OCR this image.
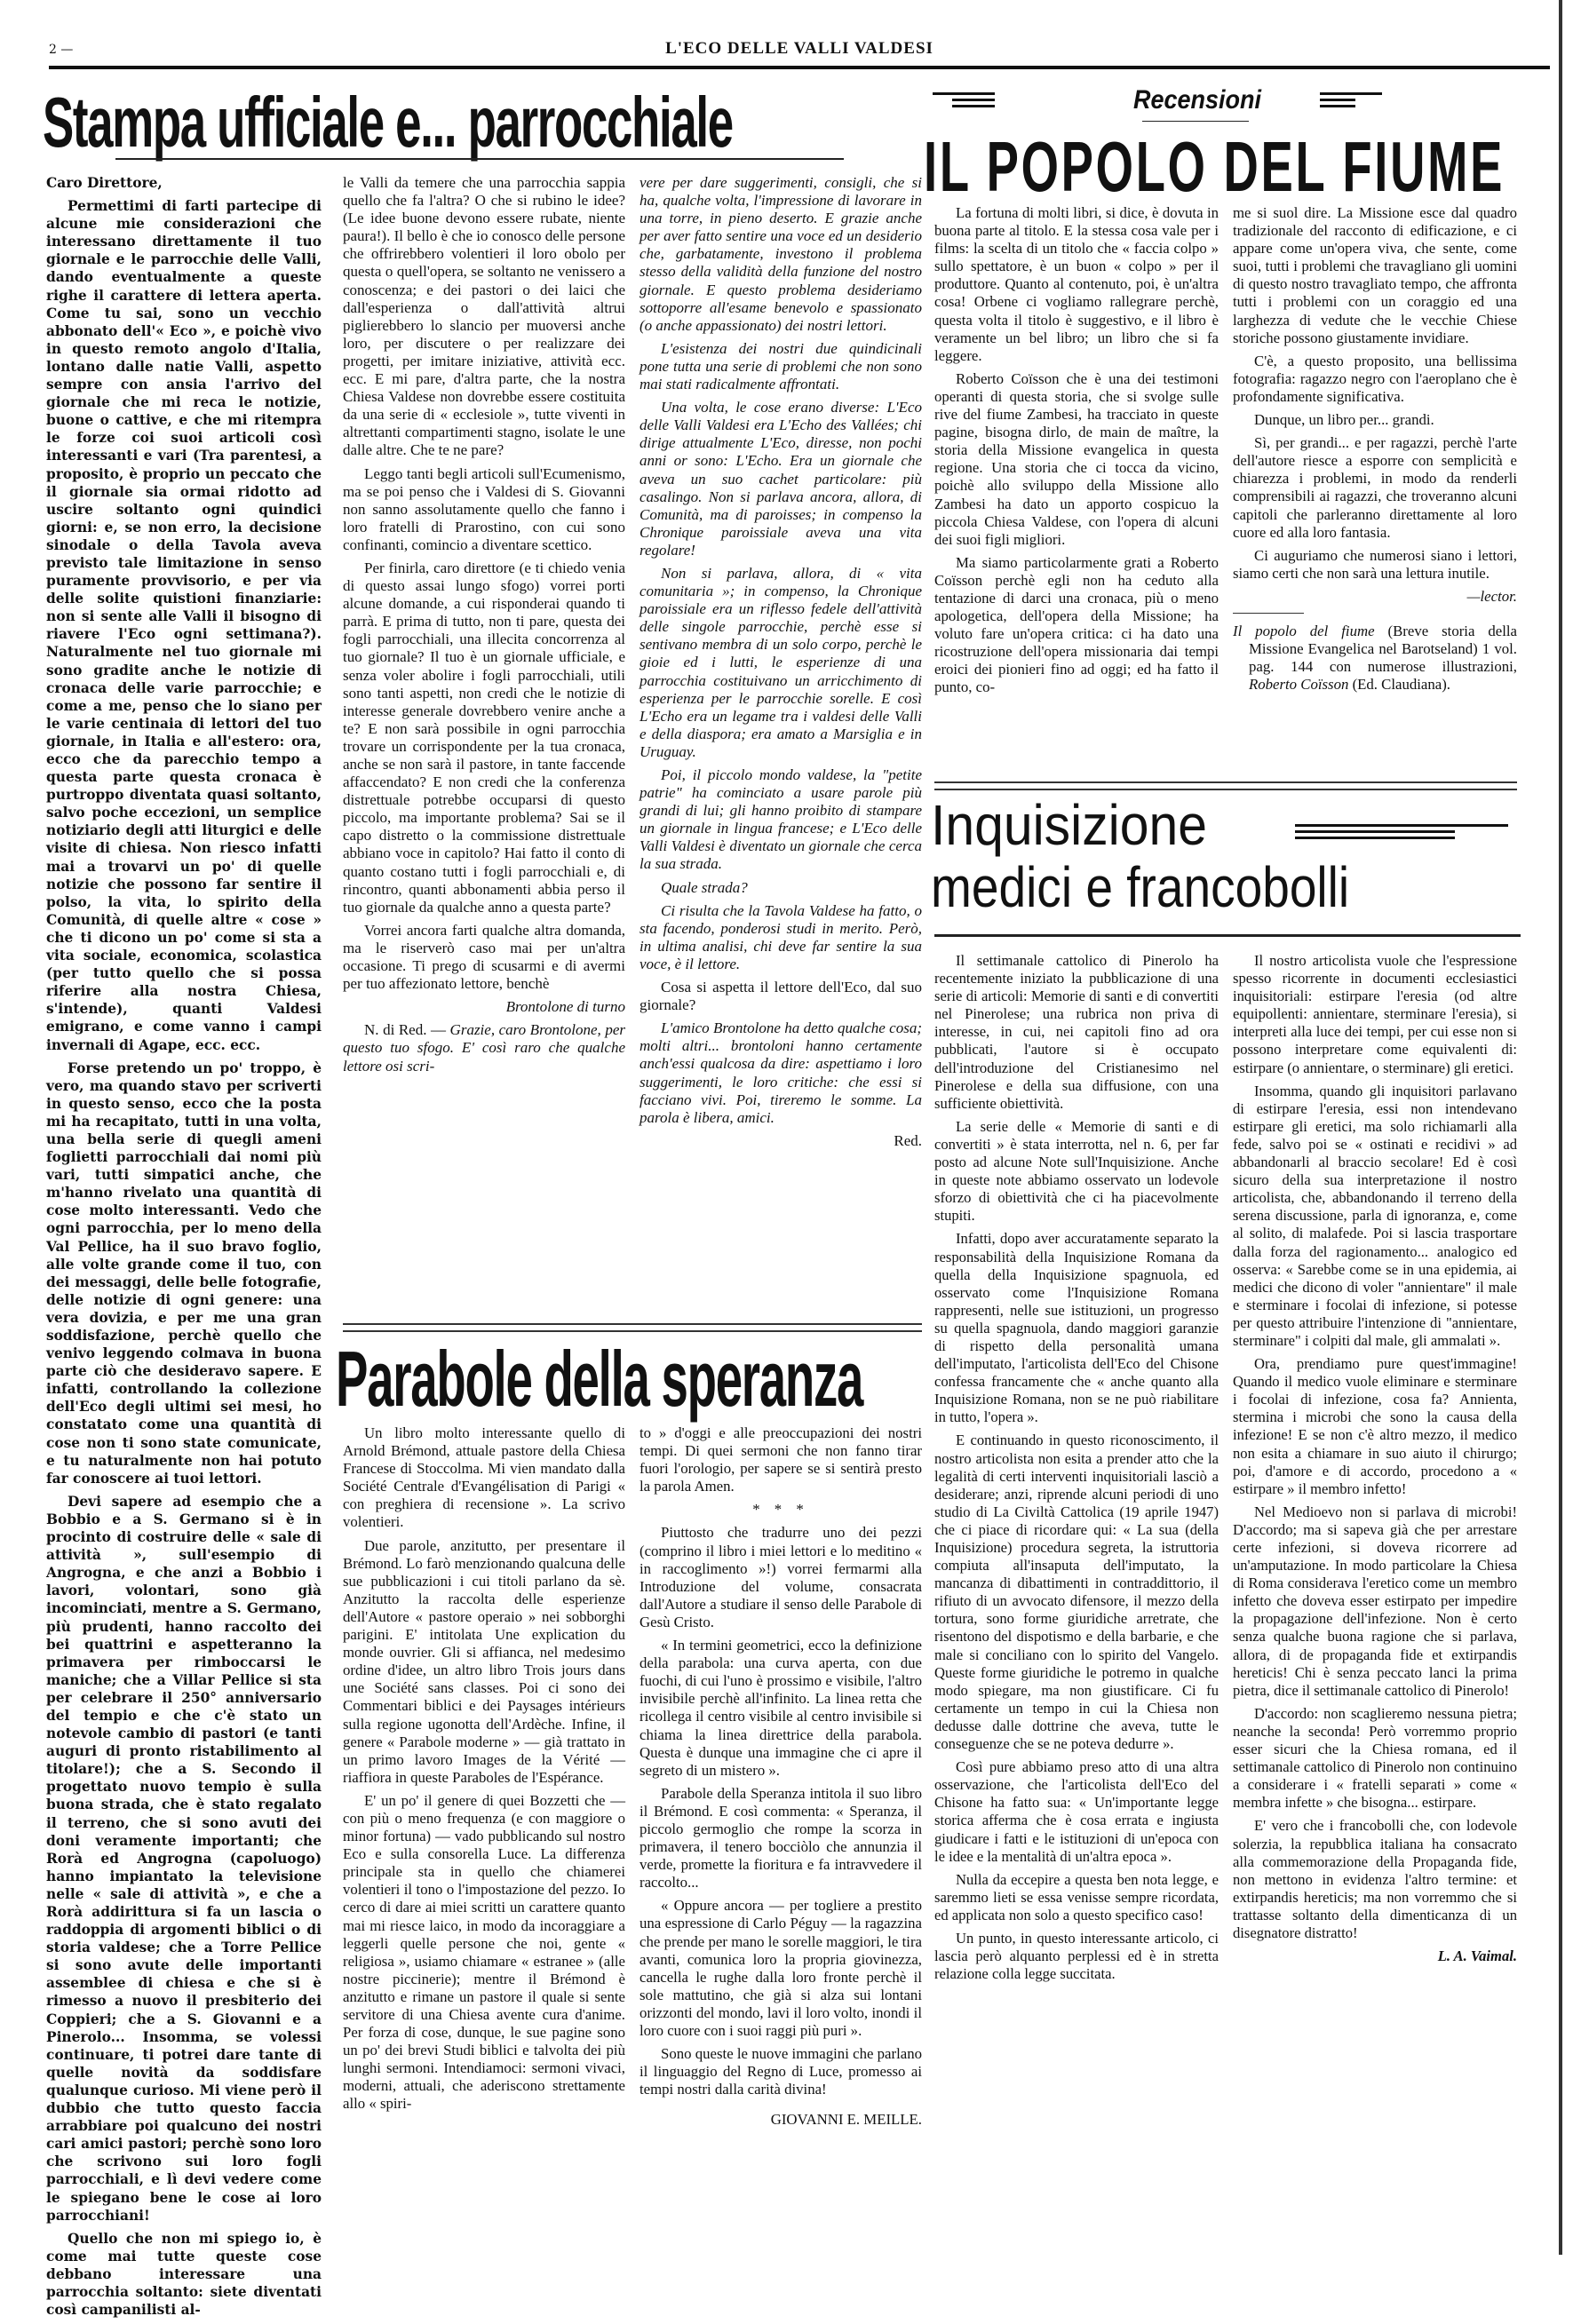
2 —	L'ECO DELLE VALLI VALDESI
Stampa ufficiale e... parrocchiale

Caro Direttore,

Permettimi di farti partecipe di alcune mie considerazioni che interessano direttamente il tuo giornale e le parrocchie delle Valli, dando eventualmente a queste righe il carattere di lettera aperta. Come tu sai, sono un vecchio abbonato dell'« Eco », e poichè vivo in questo remoto angolo d'Italia, lontano dalle natie Valli, aspetto sempre con ansia l'arrivo del giornale che mi reca le notizie, buone o cattive, e che mi ritempra le forze coi suoi articoli così interessanti e vari (Tra parentesi, a proposito, è proprio un peccato che il giornale sia ormai ridotto ad uscire soltanto ogni quindici giorni: e, se non erro, la decisione sinodale o della Tavola aveva previsto tale limitazione in senso puramente provvisorio, e per via delle solite quistioni finanziarie: non si sente alle Valli il bisogno di riavere l'Eco ogni settimana?). Naturalmente nel tuo giornale mi sono gradite anche le notizie di cronaca delle varie parrocchie; e come a me, penso che lo siano per le varie centinaia di lettori del tuo giornale, in Italia e all'estero: ora, ecco che da parecchio tempo a questa parte questa cronaca è purtroppo diventata quasi soltanto, salvo poche eccezioni, un semplice notiziario degli atti liturgici e delle visite di chiesa. Non riesco infatti mai a trovarvi un po' di quelle notizie che possono far sentire il polso, la vita, lo spirito della Comunità, di quelle altre « cose » che ti dicono un po' come si sta a vita sociale, economica, scolastica (per tutto quello che si possa riferire alla nostra Chiesa, s'intende), quanti Valdesi emigrano, e come vanno i campi invernali di Agape, ecc. ecc.

Forse pretendo un po' troppo, è vero, ma quando stavo per scriverti in questo senso, ecco che la posta mi ha recapitato, tutti in una volta, una bella serie di quegli ameni foglietti parrocchiali dai nomi più vari, tutti simpatici anche, che m'hanno rivelato una quantità di cose molto interessanti. Vedo che ogni parrocchia, per lo meno della Val Pellice, ha il suo bravo foglio, alle volte grande come il tuo, con dei messaggi, delle belle fotografie, delle notizie di ogni genere: una vera dovizia, e per me una gran soddisfazione, perchè quello che venivo leggendo colmava in buona parte ciò che desideravo sapere. E infatti, controllando la collezione dell'Eco degli ultimi sei mesi, ho constatato come una quantità di cose non ti sono state comunicate, e tu naturalmente non hai potuto far conoscere ai tuoi lettori.

Devi sapere ad esempio che a Bobbio e a S. Germano si è in procinto di costruire delle « sale di attività », sull'esempio di Angrogna, e che anzi a Bobbio i lavori, volontari, sono già incominciati, mentre a S. Germano, più prudenti, hanno raccolto dei bei quattrini e aspetteranno la primavera per rimboccarsi le maniche; che a Villar Pellice si sta per celebrare il 250° anniversario del tempio e che c'è stato un notevole cambio di pastori (e tanti auguri di pronto ristabilimento al titolare!); che a S. Secondo il progettato nuovo tempio è sulla buona strada, che è stato regalato il terreno, che si sono avuti dei doni veramente importanti; che Rorà ed Angrogna (capoluogo) hanno impiantato la televisione nelle « sale di attività », e che a Rorà addirittura si fa un lascia o raddoppia di argomenti biblici o di storia valdese; che a Torre Pellice si sono avute delle importanti assemblee di chiesa e che si è rimesso a nuovo il presbiterio dei Coppieri; che a S. Giovanni e a Pinerolo... Insomma, se volessi continuare, ti potrei dare tante di quelle novità da soddisfare qualunque curioso. Mi viene però il dubbio che tutto questo faccia arrabbiare poi qualcuno dei nostri cari amici pastori; perchè sono loro che scrivono sui loro fogli parrocchiali, e lì devi vedere come le spiegano bene le cose ai loro parrocchiani!

Quello che non mi spiego io, è come mai tutte queste cose debbano interessare una parrocchia soltanto: siete diventati così campanilisti al-

le Valli da temere che una parrocchia sappia quello che fa l'altra? O che si rubino le idee? (Le idee buone devono essere rubate, niente paura!). Il bello è che io conosco delle persone che offrirebbero volentieri il loro obolo per questa o quell'opera, se soltanto ne venissero a conoscenza; e dei pastori o dei laici che dall'esperienza o dall'attività altrui piglierebbero lo slancio per muoversi anche loro, per discutere o per realizzare dei progetti, per imitare iniziative, attività ecc. ecc. E mi pare, d'altra parte, che la nostra Chiesa Valdese non dovrebbe essere costituita da una serie di « ecclesiole », tutte viventi in altrettanti compartimenti stagno, isolate le une dalle altre. Che te ne pare?

Leggo tanti begli articoli sull'Ecumenismo, ma se poi penso che i Valdesi di S. Giovanni non sanno assolutamente quello che fanno i loro fratelli di Prarostino, con cui sono confinanti, comincio a diventare scettico.

Per finirla, caro direttore (e ti chiedo venia di questo assai lungo sfogo) vorrei porti alcune domande, a cui risponderai quando ti parrà. E prima di tutto, non ti pare, questa dei fogli parrocchiali, una illecita concorrenza al tuo giornale? Il tuo è un giornale ufficiale, e senza voler abolire i fogli parrocchiali, utili sono tanti aspetti, non credi che le notizie di interesse generale dovrebbero venire anche a te? E non sarà possibile in ogni parrocchia trovare un corrispondente per la tua cronaca, anche se non sarà il pastore, in tante faccende affaccendato? E non credi che la conferenza distrettuale potrebbe occuparsi di questo piccolo, ma importante problema? Sai se il capo distretto o la commissione distrettuale abbiano voce in capitolo? Hai fatto il conto di quanto costano tutti i fogli parrocchiali e, di rincontro, quanti abbonamenti abbia perso il tuo giornale da qualche anno a questa parte?

Vorrei ancora farti qualche altra domanda, ma le riserverò caso mai per un'altra occasione. Ti prego di scusarmi e di avermi per tuo affezionato lettore, benchè

Brontolone di turno

N. di Red. — Grazie, caro Brontolone, per questo tuo sfogo. E' così raro che qualche lettore osi scri-

vere per dare suggerimenti, consigli, che si ha, qualche volta, l'impressione di lavorare in una torre, in pieno deserto. E grazie anche per aver fatto sentire una voce ed un desiderio che, garbatamente, investono il problema stesso della validità della funzione del nostro giornale. E questo problema desideriamo sottoporre all'esame benevolo e spassionato (o anche appassionato) dei nostri lettori.

L'esistenza dei nostri due quindicinali pone tutta una serie di problemi che non sono mai stati radicalmente affrontati.

Una volta, le cose erano diverse: L'Eco delle Valli Valdesi era L'Echo des Vallées; chi dirige attualmente L'Eco, diresse, non pochi anni or sono: L'Echo. Era un giornale che aveva un suo cachet particolare: più casalingo. Non si parlava ancora, allora, di Comunità, ma di paroisses; in compenso la Chronique paroissiale aveva una vita regolare!

Non si parlava, allora, di « vita comunitaria »; in compenso, la Chronique paroissiale era un riflesso fedele dell'attività delle singole parrocchie, perchè esse si sentivano membra di un solo corpo, perchè le gioie ed i lutti, le esperienze di una parrocchia costituivano un arricchimento di esperienza per le parrocchie sorelle. E così L'Echo era un legame tra i valdesi delle Valli e della diaspora; era amato a Marsiglia e in Uruguay.

Poi, il piccolo mondo valdese, la "petite patrie" ha cominciato a usare parole più grandi di lui; gli hanno proibito di stampare un giornale in lingua francese; e L'Eco delle Valli Valdesi è diventato un giornale che cerca la sua strada.

Quale strada?

Ci risulta che la Tavola Valdese ha fatto, o sta facendo, ponderosi studi in merito. Però, in ultima analisi, chi deve far sentire la sua voce, è il lettore.

Cosa si aspetta il lettore dell'Eco, dal suo giornale?

L'amico Brontolone ha detto qualche cosa; molti altri... brontoloni hanno certamente anch'essi qualcosa da dire: aspettiamo i loro suggerimenti, le loro critiche: che essi si facciano vivi. Poi, tireremo le somme. La parola è libera, amici.

Red.

Recensioni
IL POPOLO DEL FIUME

La fortuna di molti libri, si dice, è dovuta in buona parte al titolo. E la stessa cosa vale per i films: la scelta di un titolo che « faccia colpo » sullo spettatore, è un buon « colpo » per il produttore. Quanto al contenuto, poi, è un'altra cosa! Orbene ci vogliamo rallegrare perchè, questa volta il titolo è suggestivo, e il libro è veramente un bel libro; un libro che si fa leggere.

Roberto Coïsson che è una dei testimoni operanti di questa storia, che si svolge sulle rive del fiume Zambesi, ha tracciato in queste pagine, bisogna dirlo, de main de maître, la storia della Missione evangelica in questa regione. Una storia che ci tocca da vicino, poichè allo sviluppo della Missione allo Zambesi ha dato un apporto cospicuo la piccola Chiesa Valdese, con l'opera di alcuni dei suoi figli migliori.

Ma siamo particolarmente grati a Roberto Coïsson perchè egli non ha ceduto alla tentazione di darci una cronaca, più o meno apologetica, dell'opera della Missione; ha voluto fare un'opera critica: ci ha dato una ricostruzione dell'opera missionaria dai tempi eroici dei pionieri fino ad oggi; ed ha fatto il punto, co-

me si suol dire. La Missione esce dal quadro tradizionale del racconto di edificazione, e ci appare come un'opera viva, che sente, come suoi, tutti i problemi che travagliano gli uomini di questo nostro travagliato tempo, che affronta tutti i problemi con un coraggio ed una larghezza di vedute che le vecchie Chiese storiche possono giustamente invidiare.

C'è, a questo proposito, una bellissima fotografia: ragazzo negro con l'aeroplano che è profondamente significativa.

Dunque, un libro per... grandi.

Sì, per grandi... e per ragazzi, perchè l'arte dell'autore riesce a esporre con semplicità e chiarezza i problemi, in modo da renderli comprensibili ai ragazzi, che troveranno alcuni capitoli che parleranno direttamente al loro cuore ed alla loro fantasia.

Ci auguriamo che numerosi siano i lettori, siamo certi che non sarà una lettura inutile.

—lector.

Il popolo del fiume (Breve storia della Missione Evangelica nel Barotseland) 1 vol. pag. 144 con numerose illustrazioni, Roberto Coïsson (Ed. Claudiana).

Inquisizione
medici e francobolli

Il settimanale cattolico di Pinerolo ha recentemente iniziato la pubblicazione di una serie di articoli: Memorie di santi e di convertiti nel Pinerolese; una rubrica non priva di interesse, in cui, nei capitoli fino ad ora pubblicati, l'autore si è occupato dell'introduzione del Cristianesimo nel Pinerolese e della sua diffusione, con una sufficiente obiettività.

La serie delle « Memorie di santi e di convertiti » è stata interrotta, nel n. 6, per far posto ad alcune Note sull'Inquisizione. Anche in queste note abbiamo osservato un lodevole sforzo di obiettività che ci ha piacevolmente stupiti.

Infatti, dopo aver accuratamente separato la responsabilità della Inquisizione Romana da quella della Inquisizione spagnuola, ed osservato come l'Inquisizione Romana rappresenti, nelle sue istituzioni, un progresso su quella spagnuola, dando maggiori garanzie di rispetto della personalità umana dell'imputato, l'articolista dell'Eco del Chisone confessa francamente che « anche quanto alla Inquisizione Romana, non se ne può riabilitare in tutto, l'opera ».

E continuando in questo riconoscimento, il nostro articolista non esita a prender atto che la legalità di certi interventi inquisitoriali lasciò a desiderare; anzi, riprende alcuni periodi di uno studio di La Civiltà Cattolica (19 aprile 1947) che ci piace di ricordare qui: « La sua (della Inquisizione) procedura segreta, la istruttoria compiuta all'insaputa dell'imputato, la mancanza di dibattimenti in contraddittorio, il rifiuto di un avvocato difensore, il mezzo della tortura, sono forme giuridiche arretrate, che risentono del dispotismo e della barbarie, e che male si conciliano con lo spirito del Vangelo. Queste forme giuridiche le potremo in qualche modo spiegare, ma non giustificare. Ci fu certamente un tempo in cui la Chiesa non dedusse dalle dottrine che aveva, tutte le conseguenze che se ne poteva dedurre ».

Così pure abbiamo preso atto di una altra osservazione, che l'articolista dell'Eco del Chisone ha fatto sua: « Un'importante legge storica afferma che è cosa errata e ingiusta giudicare i fatti e le istituzioni di un'epoca con le idee e la mentalità di un'altra epoca ».

Nulla da eccepire a questa ben nota legge, e saremmo lieti se essa venisse sempre ricordata, ed applicata non solo a questo specifico caso!

Un punto, in questo interessante articolo, ci lascia però alquanto perplessi ed è in stretta relazione colla legge succitata.

Il nostro articolista vuole che l'espressione spesso ricorrente in documenti ecclesiastici inquisitoriali: estirpare l'eresia (od altre equipollenti: annientare, sterminare l'eresia), si interpreti alla luce dei tempi, per cui esse non si possono interpretare come equivalenti di: estirpare (o annientare, o sterminare) gli eretici.

Insomma, quando gli inquisitori parlavano di estirpare l'eresia, essi non intendevano estirpare gli eretici, ma solo richiamarli alla fede, salvo poi se « ostinati e recidivi » ad abbandonarli al braccio secolare! Ed è così sicuro della sua interpretazione il nostro articolista, che, abbandonando il terreno della serena discussione, parla di ignoranza, e, come al solito, di malafede. Poi si lascia trasportare dalla forza del ragionamento... analogico ed osserva: « Sarebbe come se in una epidemia, ai medici che dicono di voler "annientare" il male e sterminare i focolai di infezione, si potesse per questo attribuire l'intenzione di "annientare, sterminare" i colpiti dal male, gli ammalati ».

Ora, prendiamo pure quest'immagine! Quando il medico vuole eliminare e sterminare i focolai di infezione, cosa fa? Annienta, stermina i microbi che sono la causa della infezione! E se non c'è altro mezzo, il medico non esita a chiamare in suo aiuto il chirurgo; poi, d'amore e di accordo, procedono a « estirpare » il membro infetto!

Nel Medioevo non si parlava di microbi! D'accordo; ma si sapeva già che per arrestare certe infezioni, si doveva ricorrere ad un'amputazione. In modo particolare la Chiesa di Roma considerava l'eretico come un membro infetto che doveva esser estirpato per impedire la propagazione dell'infezione. Non è certo senza qualche buona ragione che si parlava, allora, di de propaganda fide et extirpandis hereticis! Chi è senza peccato lanci la prima pietra, dice il settimanale cattolico di Pinerolo!

D'accordo: non scaglieremo nessuna pietra; neanche la seconda! Però vorremmo proprio esser sicuri che la Chiesa romana, ed il settimanale cattolico di Pinerolo non continuino a considerare i « fratelli separati » come « membra infette » che bisogna... estirpare.

E' vero che i francobolli che, con lodevole solerzia, la repubblica italiana ha consacrato alla commemorazione della Propaganda fide, non mettono in evidenza l'altro termine: et extirpandis hereticis; ma non vorremmo che si trattasse soltanto della dimenticanza di un disegnatore distratto!

L. A. Vaimal.

Parabole della speranza

Un libro molto interessante quello di Arnold Brémond, attuale pastore della Chiesa Francese di Stoccolma. Mi vien mandato dalla Société Centrale d'Evangélisation di Parigi « con preghiera di recensione ». La scrivo volentieri.

Due parole, anzitutto, per presentare il Brémond. Lo farò menzionando qualcuna delle sue pubblicazioni i cui titoli parlano da sè. Anzitutto la raccolta delle esperienze dell'Autore « pastore operaio » nei sobborghi parigini. E' intitolata Une explication du monde ouvrier. Gli si affianca, nel medesimo ordine d'idee, un altro libro Trois jours dans une Société sans classes. Poi ci sono dei Commentari biblici e dei Paysages intérieurs sulla regione ugonotta dell'Ardèche. Infine, il genere « Parabole moderne » — già trattato in un primo lavoro Images de la Vérité — riaffiora in queste Paraboles de l'Espérance.

E' un po' il genere di quei Bozzetti che — con più o meno frequenza (e con maggiore o minor fortuna) — vado pubblicando sul nostro Eco e sulla consorella Luce. La differenza principale sta in quello che chiamerei volentieri il tono o l'impostazione del pezzo. Io cerco di dare ai miei scritti un carattere quanto mai mi riesce laico, in modo da incoraggiare a leggerli quelle persone che noi, gente « religiosa », usiamo chiamare « estranee » (alle nostre piccinerie); mentre il Brémond è anzitutto e rimane un pastore il quale si sente servitore di una Chiesa avente cura d'anime. Per forza di cose, dunque, le sue pagine sono un po' dei brevi Studi biblici e talvolta dei più lunghi sermoni. Intendiamoci: sermoni vivaci, moderni, attuali, che aderiscono strettamente allo « spiri-

to » d'oggi e alle preoccupazioni dei nostri tempi. Di quei sermoni che non fanno tirar fuori l'orologio, per sapere se si sentirà presto la parola Amen.

* * *

Piuttosto che tradurre uno dei pezzi (comprino il libro i miei lettori e lo meditino « in raccoglimento »!) vorrei fermarmi alla Introduzione del volume, consacrata dall'Autore a studiare il senso delle Parabole di Gesù Cristo.

« In termini geometrici, ecco la definizione della parabola: una curva aperta, con due fuochi, di cui l'uno è prossimo e visibile, l'altro invisibile perchè all'infinito. La linea retta che ricollega il centro visibile al centro invisibile si chiama la linea direttrice della parabola. Questa è dunque una immagine che ci apre il segreto di un mistero ».

Parabole della Speranza intitola il suo libro il Brémond. E così commenta: « Speranza, il piccolo germoglio che rompe la scorza in primavera, il tenero bocciòlo che annunzia il verde, promette la fioritura e fa intravvedere il raccolto...

« Oppure ancora — per togliere a prestito una espressione di Carlo Péguy — la ragazzina che prende per mano le sorelle maggiori, le tira avanti, comunica loro la propria giovinezza, cancella le rughe dalla loro fronte perchè il sole mattutino, che già si alza sui lontani orizzonti del mondo, lavi il loro volto, inondi il loro cuore con i suoi raggi più puri ».

Sono queste le nuove immagini che parlano il linguaggio del Regno di Luce, promesso ai tempi nostri dalla carità divina!

GIOVANNI E. MEILLE.
